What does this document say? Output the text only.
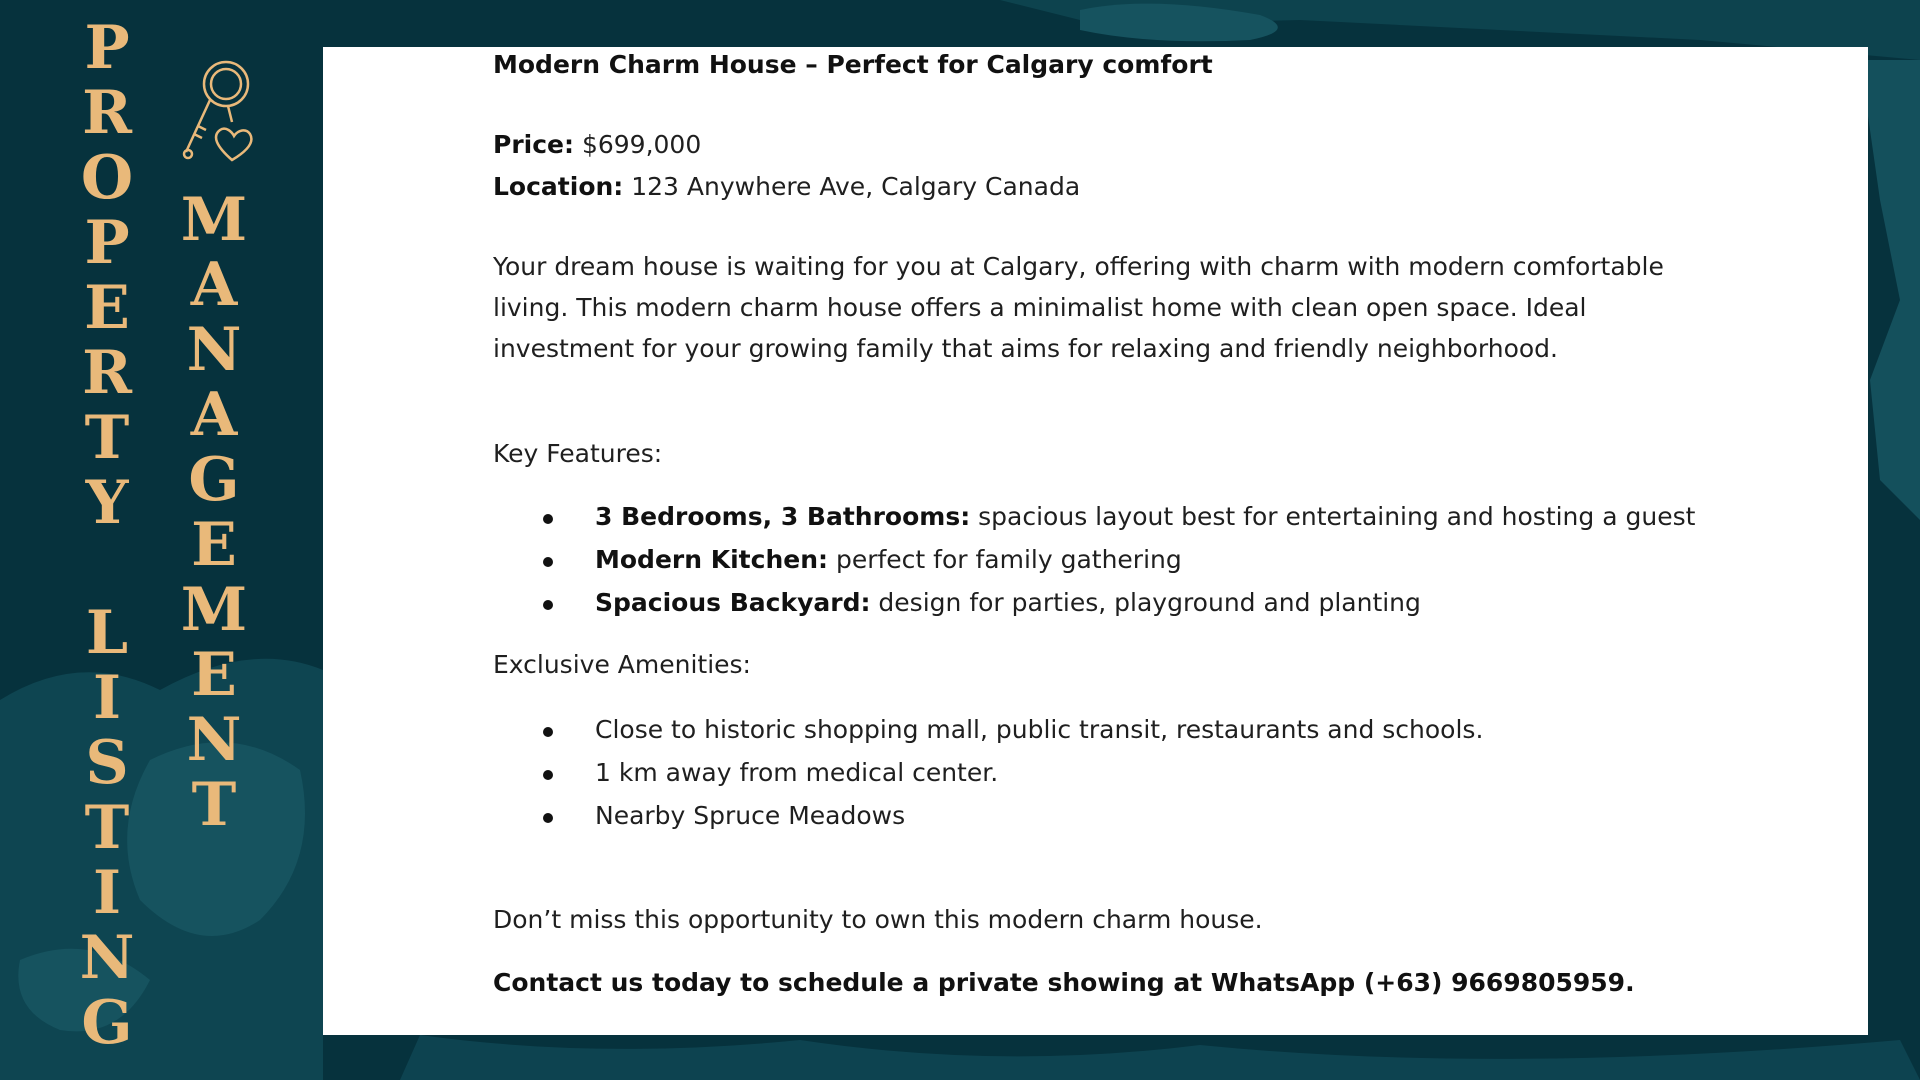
P
R
O
P
E
R
T
Y
L
I
S
T
I
N
G
M
A
N
A
G
E
M
E
N
T
Modern Charm House – Perfect for Calgary comfort
Price: $699,000
Location: 123 Anywhere Ave, Calgary Canada
Your dream house is waiting for you at Calgary, offering with charm with modern comfortable
living. This modern charm house offers a minimalist home with clean open space. Ideal
investment for your growing family that aims for relaxing and friendly neighborhood.
Key Features:
3 Bedrooms, 3 Bathrooms: spacious layout best for entertaining and hosting a guest
Modern Kitchen: perfect for family gathering
Spacious Backyard: design for parties, playground and planting
Exclusive Amenities:
Close to historic shopping mall, public transit, restaurants and schools.
1 km away from medical center.
Nearby Spruce Meadows
Don’t miss this opportunity to own this modern charm house.
Contact us today to schedule a private showing at WhatsApp (+63) 9669805959.
